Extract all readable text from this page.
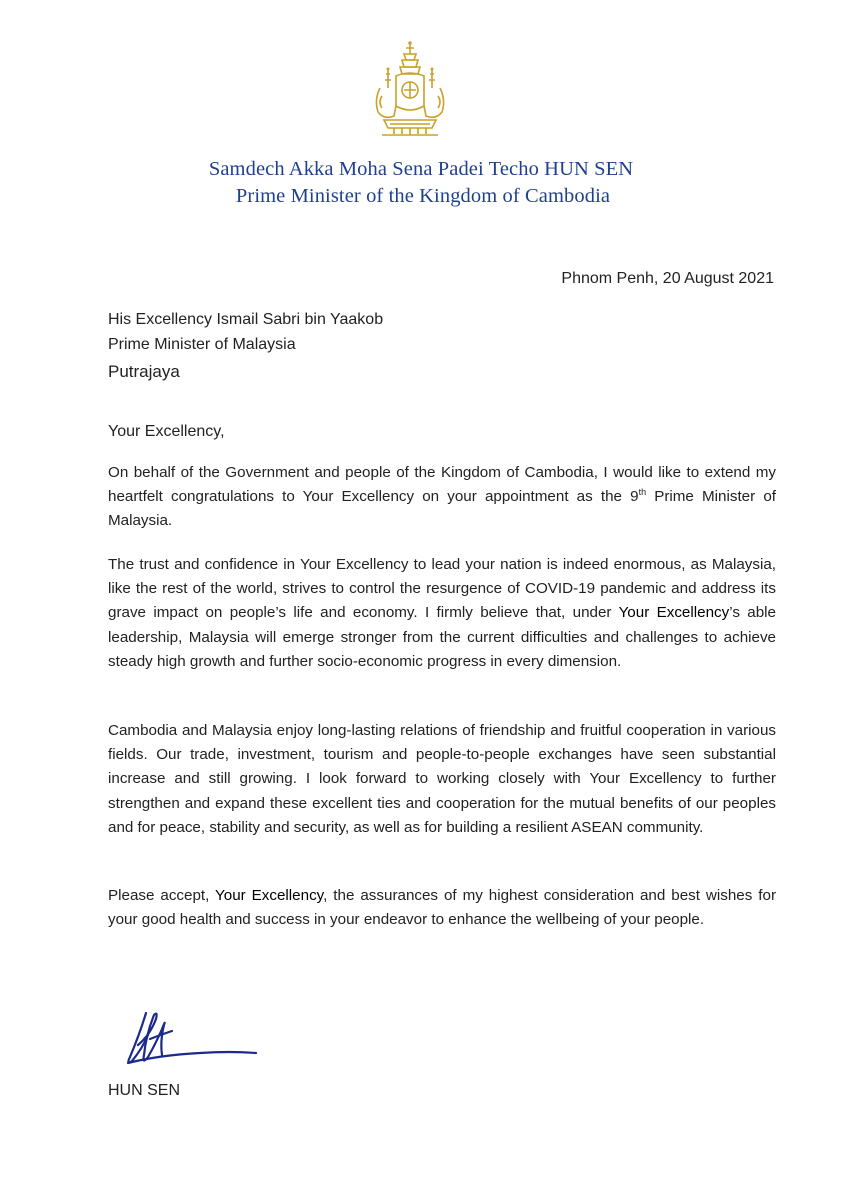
Samdech Akka Moha Sena Padei Techo HUN SEN
Prime Minister of the Kingdom of Cambodia
Phnom Penh, 20 August 2021
His Excellency Ismail Sabri bin Yaakob
Prime Minister of Malaysia
Putrajaya
Your Excellency,
On behalf of the Government and people of the Kingdom of Cambodia, I would like to extend my heartfelt congratulations to Your Excellency on your appointment as the 9th Prime Minister of Malaysia.
The trust and confidence in Your Excellency to lead your nation is indeed enormous, as Malaysia, like the rest of the world, strives to control the resurgence of COVID-19 pandemic and address its grave impact on people’s life and economy. I firmly believe that, under Your Excellency’s able leadership, Malaysia will emerge stronger from the current difficulties and challenges to achieve steady high growth and further socio-economic progress in every dimension.
Cambodia and Malaysia enjoy long-lasting relations of friendship and fruitful cooperation in various fields. Our trade, investment, tourism and people-to-people exchanges have seen substantial increase and still growing. I look forward to working closely with Your Excellency to further strengthen and expand these excellent ties and cooperation for the mutual benefits of our peoples and for peace, stability and security, as well as for building a resilient ASEAN community.
Please accept, Your Excellency, the assurances of my highest consideration and best wishes for your good health and success in your endeavor to enhance the wellbeing of your people.
HUN SEN
